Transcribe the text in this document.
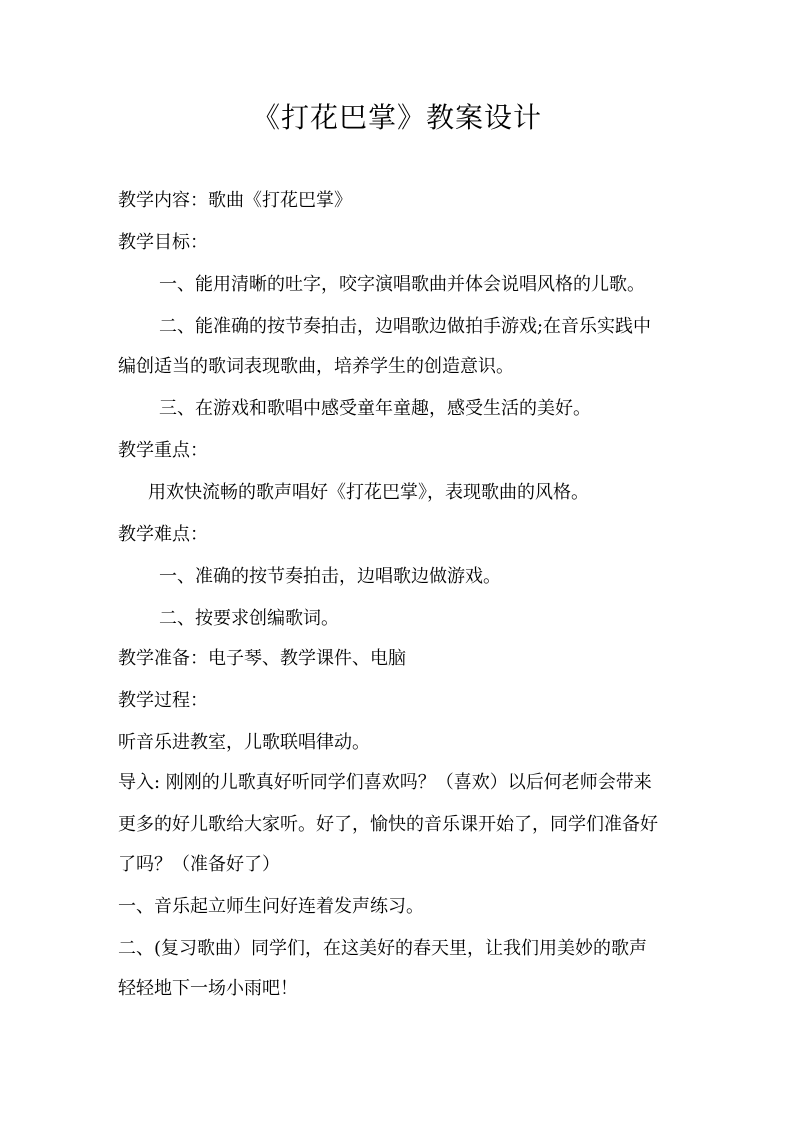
《打花巴掌》教案设计
教学内容：歌曲《打花巴掌》
教学目标：
一、能用清晰的吐字，咬字演唱歌曲并体会说唱风格的儿歌。
二、能准确的按节奏拍击，边唱歌边做拍手游戏;在音乐实践中
编创适当的歌词表现歌曲，培养学生的创造意识。
三、在游戏和歌唱中感受童年童趣，感受生活的美好。
教学重点：
用欢快流畅的歌声唱好《打花巴掌》，表现歌曲的风格。
教学难点：
一、准确的按节奏拍击，边唱歌边做游戏。
二、按要求创编歌词。
教学准备：电子琴、教学课件、电脑
教学过程：
听音乐进教室，儿歌联唱律动。
导入: 刚刚的儿歌真好听同学们喜欢吗？（喜欢）以后何老师会带来
更多的好儿歌给大家听。好了，愉快的音乐课开始了，同学们准备好
了吗？（准备好了）
一、音乐起立师生问好连着发声练习。
二、(复习歌曲）同学们，在这美好的春天里，让我们用美妙的歌声
轻轻地下一场小雨吧！
